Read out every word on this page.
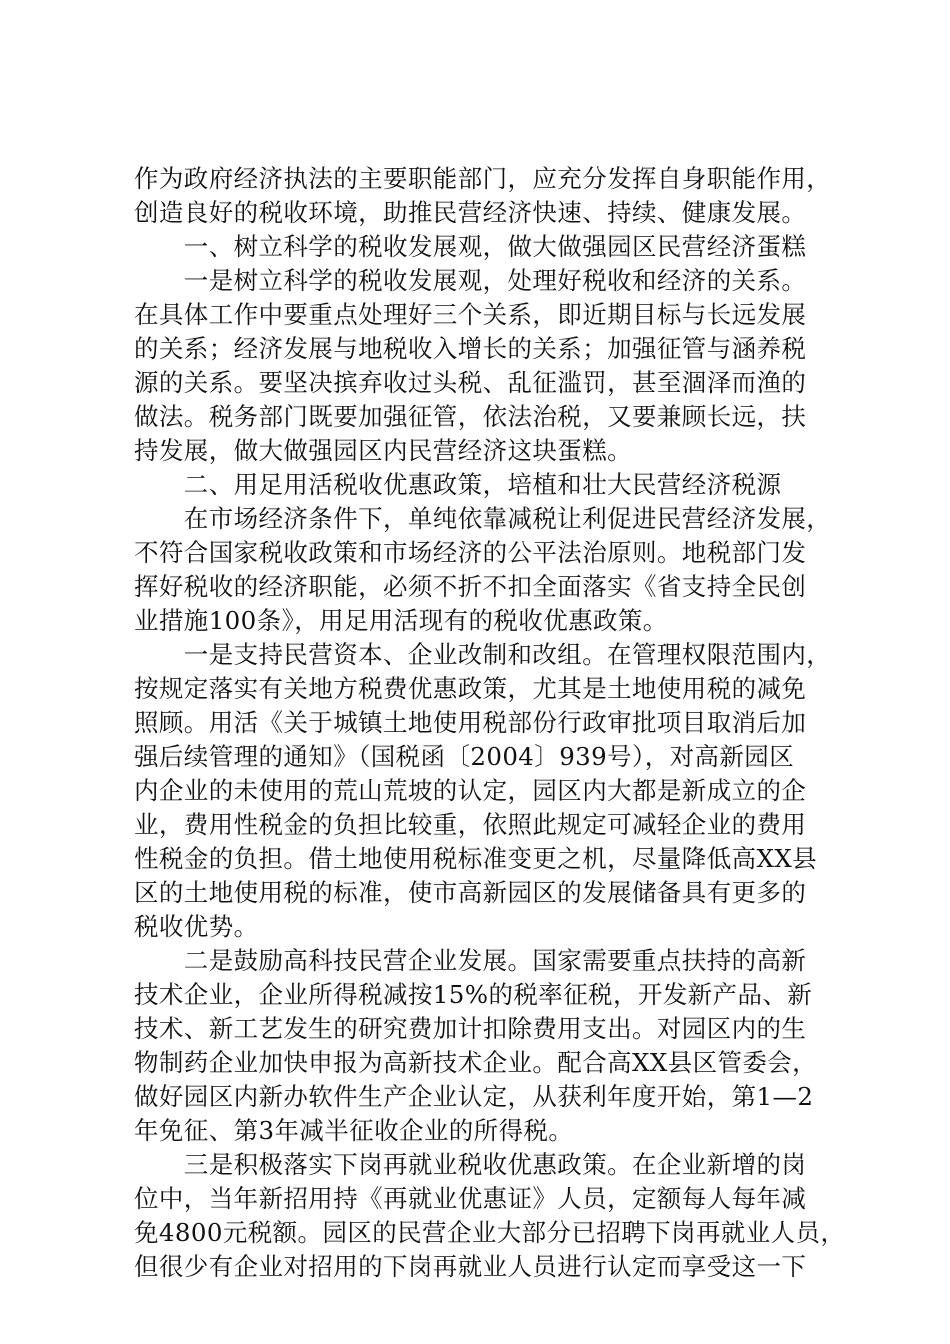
作为政府经济执法的主要职能部门，应充分发挥自身职能作用，
创造良好的税收环境，助推民营经济快速、持续、健康发展。
　　一、树立科学的税收发展观，做大做强园区民营经济蛋糕
　　一是树立科学的税收发展观，处理好税收和经济的关系。
在具体工作中要重点处理好三个关系，即近期目标与长远发展
的关系；经济发展与地税收入增长的关系；加强征管与涵养税
源的关系。要坚决摈弃收过头税、乱征滥罚，甚至涸泽而渔的
做法。税务部门既要加强征管，依法治税，又要兼顾长远，扶
持发展，做大做强园区内民营经济这块蛋糕。
　　二、用足用活税收优惠政策，培植和壮大民营经济税源
　　在市场经济条件下，单纯依靠减税让利促进民营经济发展，
不符合国家税收政策和市场经济的公平法治原则。地税部门发
挥好税收的经济职能，必须不折不扣全面落实《省支持全民创
业措施100条》，用足用活现有的税收优惠政策。
　　一是支持民营资本、企业改制和改组。在管理权限范围内，
按规定落实有关地方税费优惠政策，尤其是土地使用税的减免
照顾。用活《关于城镇土地使用税部份行政审批项目取消后加
强后续管理的通知》（国税函〔2004〕939号），对高新园区
内企业的未使用的荒山荒坡的认定，园区内大都是新成立的企
业，费用性税金的负担比较重，依照此规定可减轻企业的费用
性税金的负担。借土地使用税标准变更之机，尽量降低高XX县
区的土地使用税的标准，使市高新园区的发展储备具有更多的
税收优势。
　　二是鼓励高科技民营企业发展。国家需要重点扶持的高新
技术企业，企业所得税减按15%的税率征税，开发新产品、新
技术、新工艺发生的研究费加计扣除费用支出。对园区内的生
物制药企业加快申报为高新技术企业。配合高XX县区管委会，
做好园区内新办软件生产企业认定，从获利年度开始，第1—2
年免征、第3年减半征收企业的所得税。
　　三是积极落实下岗再就业税收优惠政策。在企业新增的岗
位中，当年新招用持《再就业优惠证》人员，定额每人每年减
免4800元税额。园区的民营企业大部分已招聘下岗再就业人员，
但很少有企业对招用的下岗再就业人员进行认定而享受这一下
